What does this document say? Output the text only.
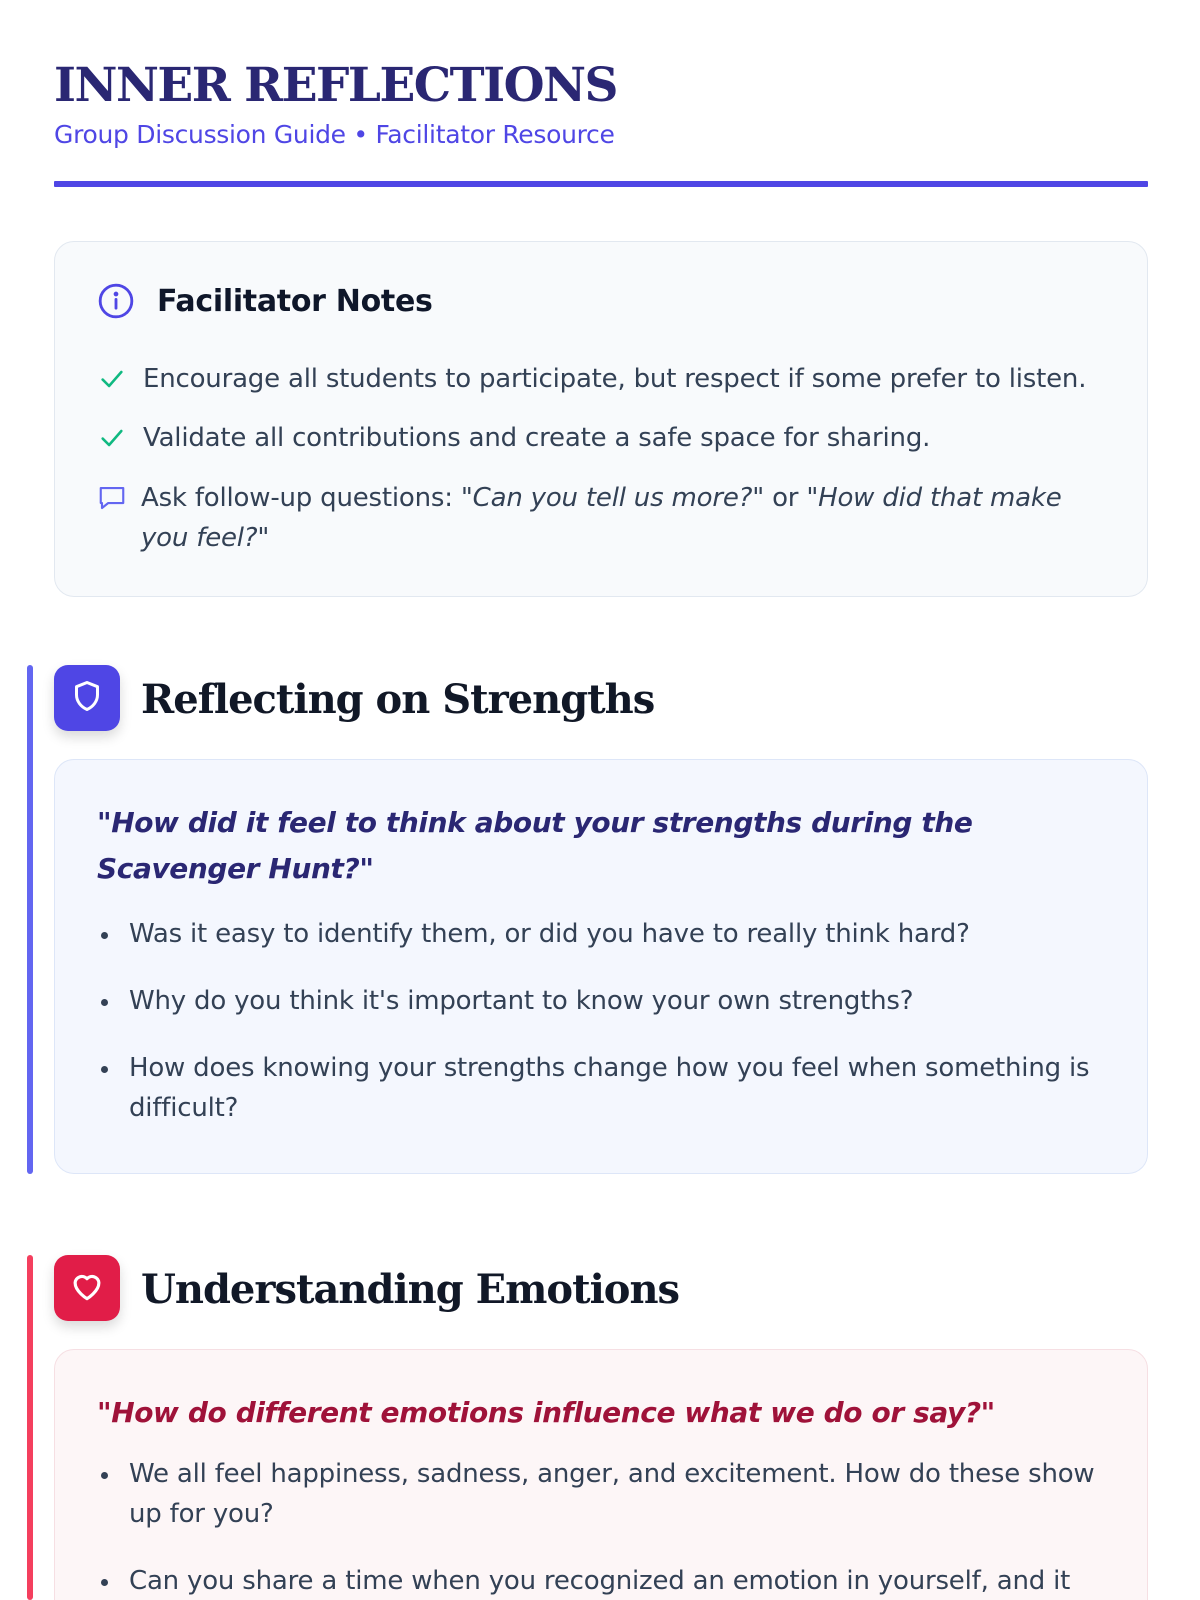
INNER REFLECTIONS
Group Discussion Guide • Facilitator Resource
Facilitator Notes
Encourage all students to participate, but respect if some prefer to listen.
Validate all contributions and create a safe space for sharing.
Ask follow-up questions: "Can you tell us more?" or "How did that make you feel?"
Reflecting on Strengths
"How did it feel to think about your strengths during the Scavenger Hunt?"
Was it easy to identify them, or did you have to really think hard?
Why do you think it's important to know your own strengths?
How does knowing your strengths change how you feel when something is difficult?
Understanding Emotions
"How do different emotions influence what we do or say?"
We all feel happiness, sadness, anger, and excitement. How do these show up for you?
Can you share a time when you recognized an emotion in yourself, and it
